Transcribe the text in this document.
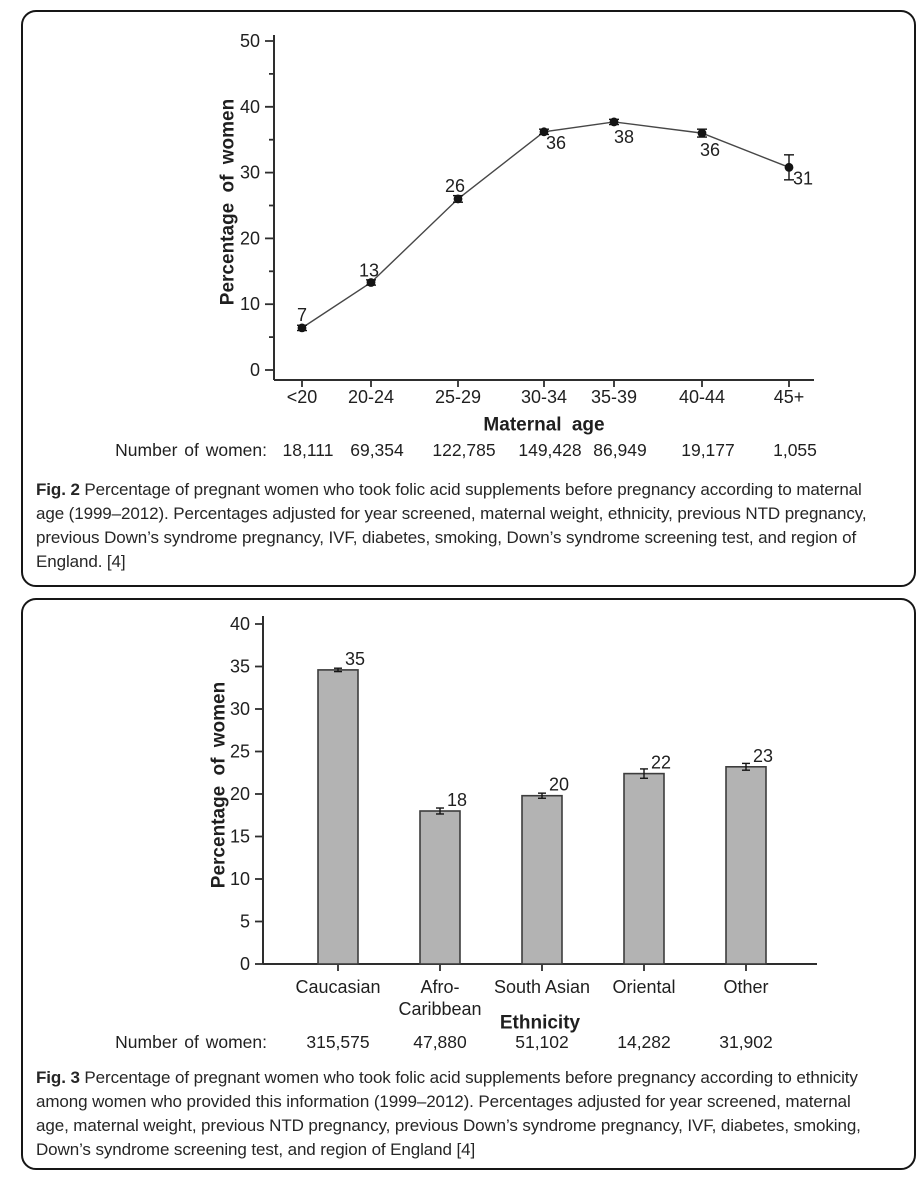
0
10
20
30
40
50
<20 20-24 25-29 30-34 35-39 40-44	45+
Maternal age
Percentage of women
Number of women: 18,111 69,354 122,785 149,428 86,949 19,177 1,055
7
13
26
36	38
36
31
Fig. 2 Percentage of pregnant women who took folic acid supplements before pregnancy according to maternal age (1999–2012). Percentages adjusted for year screened, maternal weight, ethnicity, previous NTD pregnancy, previous Down’s syndrome pregnancy, IVF, diabetes, smoking, Down’s syndrome screening test, and region of England. [4]
0
5
10
15
20
25
30
35
40
Caucasian Afro-
Caribbean
South Asian Oriental	Other
Ethnicity
Percentage of women
Number of women: 315,575 47,880	51,102	14,282	31,902
35
18
20
22	23
Fig. 3 Percentage of pregnant women who took folic acid supplements before pregnancy according to ethnicity among women who provided this information (1999–2012). Percentages adjusted for year screened, maternal age, maternal weight, previous NTD pregnancy, previous Down’s syndrome pregnancy, IVF, diabetes, smoking, Down’s syndrome screening test, and region of England [4]
